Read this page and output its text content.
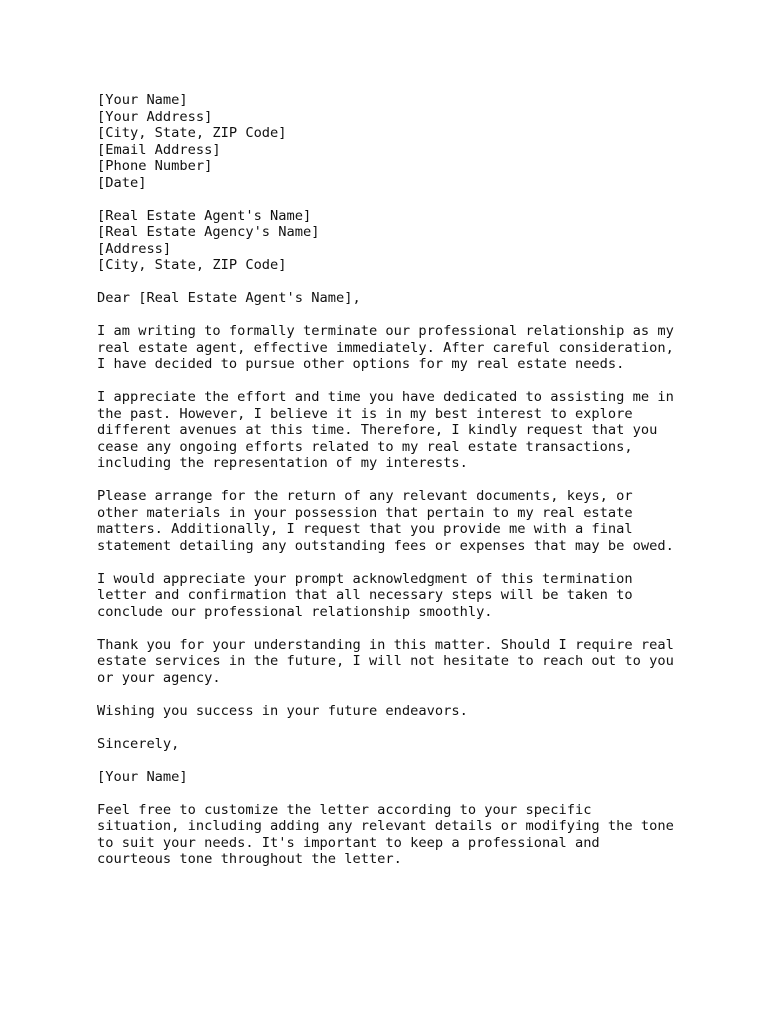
[Your Name]
[Your Address]
[City, State, ZIP Code]
[Email Address]
[Phone Number]
[Date]
[Real Estate Agent's Name]
[Real Estate Agency's Name]
[Address]
[City, State, ZIP Code]
Dear [Real Estate Agent's Name],
I am writing to formally terminate our professional relationship as my
real estate agent, effective immediately. After careful consideration,
I have decided to pursue other options for my real estate needs.
I appreciate the effort and time you have dedicated to assisting me in
the past. However, I believe it is in my best interest to explore
different avenues at this time. Therefore, I kindly request that you
cease any ongoing efforts related to my real estate transactions,
including the representation of my interests.
Please arrange for the return of any relevant documents, keys, or
other materials in your possession that pertain to my real estate
matters. Additionally, I request that you provide me with a final
statement detailing any outstanding fees or expenses that may be owed.
I would appreciate your prompt acknowledgment of this termination
letter and confirmation that all necessary steps will be taken to
conclude our professional relationship smoothly.
Thank you for your understanding in this matter. Should I require real
estate services in the future, I will not hesitate to reach out to you
or your agency.
Wishing you success in your future endeavors.
Sincerely,
[Your Name]
Feel free to customize the letter according to your specific
situation, including adding any relevant details or modifying the tone
to suit your needs. It's important to keep a professional and
courteous tone throughout the letter.
